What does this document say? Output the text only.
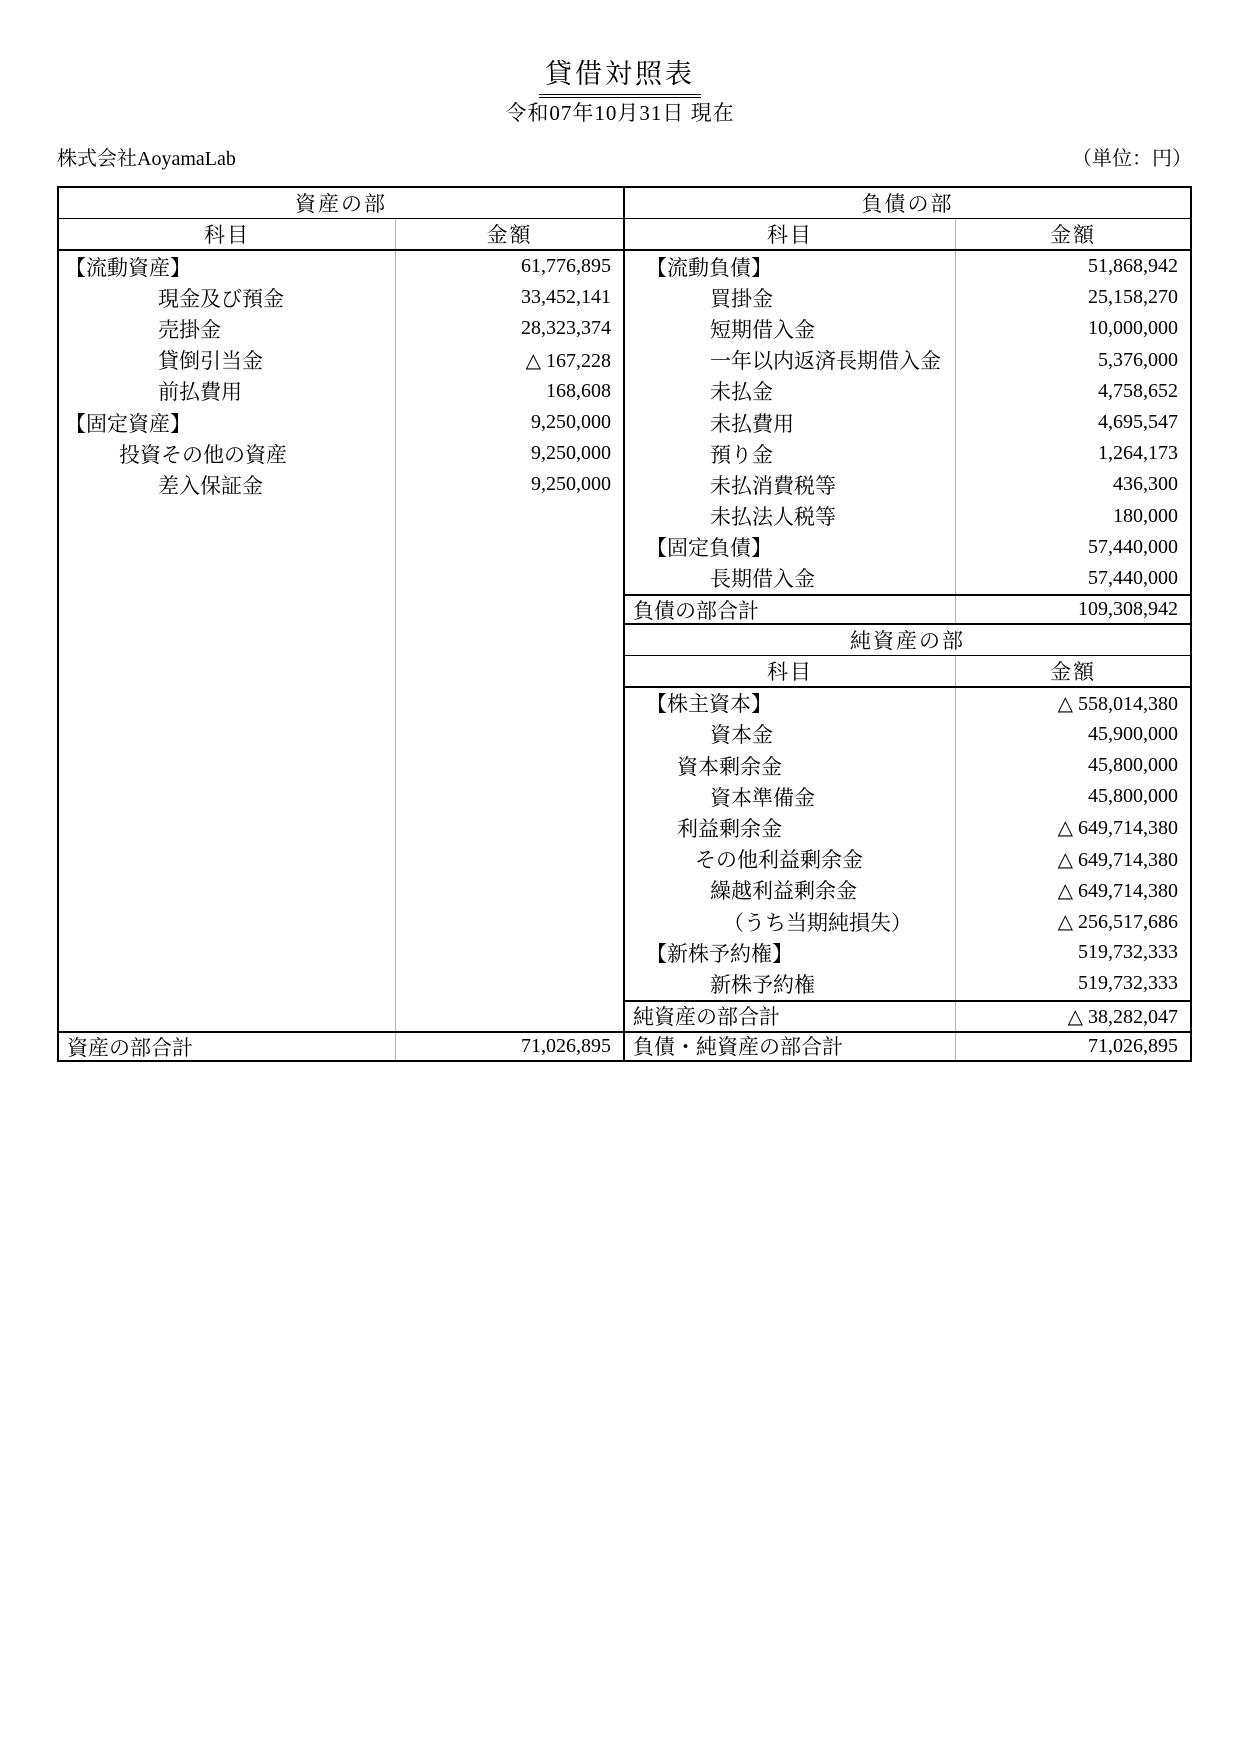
貸借対照表
令和07年10月31日 現在
株式会社AoyamaLab	（単位：円）
資産の部
科目	金額
【流動資産】	61,776,895
現金及び預金	33,452,141
売掛金	28,323,374
貸倒引当金	△ 167,228
前払費用	168,608
【固定資産】	9,250,000
投資その他の資産	9,250,000
差入保証金	9,250,000
資産の部合計	71,026,895
負債の部
科目	金額
【流動負債】	51,868,942
買掛金	25,158,270
短期借入金	10,000,000
一年以内返済長期借入金	5,376,000
未払金	4,758,652
未払費用	4,695,547
預り金	1,264,173
未払消費税等	436,300
未払法人税等	180,000
【固定負債】	57,440,000
長期借入金	57,440,000
負債の部合計	109,308,942
純資産の部
科目	金額
【株主資本】	△ 558,014,380
資本金	45,900,000
資本剰余金	45,800,000
資本準備金	45,800,000
利益剰余金	△ 649,714,380
その他利益剰余金	△ 649,714,380
繰越利益剰余金	△ 649,714,380
（うち当期純損失）	△ 256,517,686
【新株予約権】	519,732,333
新株予約権	519,732,333
純資産の部合計	△ 38,282,047
負債・純資産の部合計	71,026,895
